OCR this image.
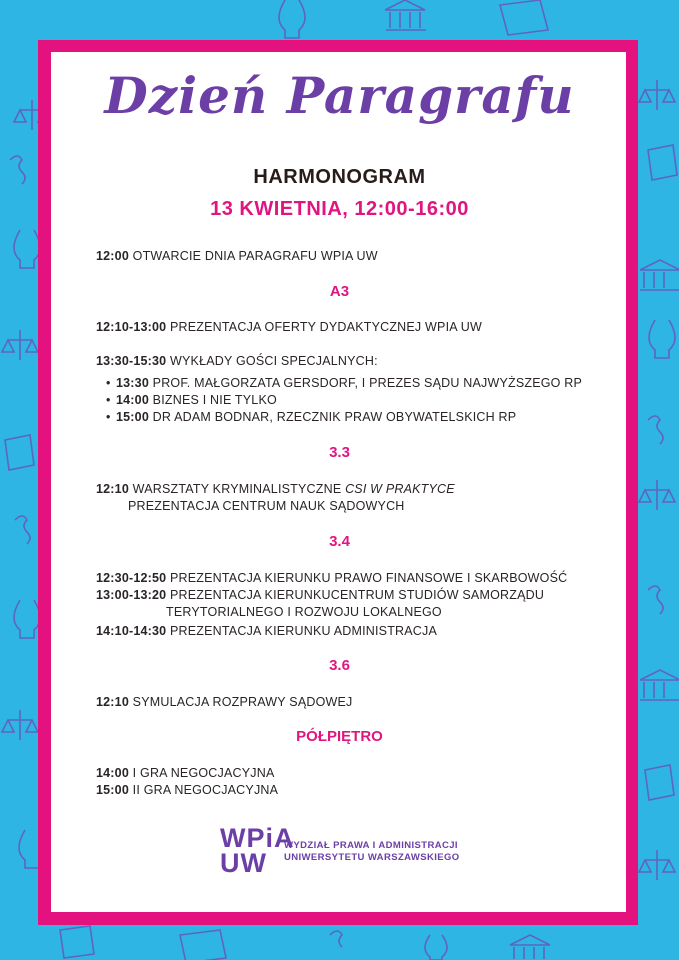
Dzień Paragrafu
HARMONOGRAM
13 KWIETNIA, 12:00-16:00
12:00 OTWARCIE DNIA PARAGRAFU WPIA UW
A3
12:10-13:00 PREZENTACJA OFERTY DYDAKTYCZNEJ WPIA UW
13:30-15:30 WYKŁADY GOŚCI SPECJALNYCH:
• 13:30 PROF. MAŁGORZATA GERSDORF, I PREZES SĄDU NAJWYŻSZEGO RP
• 14:00 BIZNES I NIE TYLKO
• 15:00 DR ADAM BODNAR, RZECZNIK PRAW OBYWATELSKICH RP
3.3
12:10 WARSZTATY KRYMINALISTYCZNE CSI W PRAKTYCE
PREZENTACJA CENTRUM NAUK SĄDOWYCH
3.4
12:30-12:50 PREZENTACJA KIERUNKU PRAWO FINANSOWE I SKARBOWOŚĆ
13:00-13:20 PREZENTACJA KIERUNKUCENTRUM STUDIÓW SAMORZĄDU
TERYTORIALNEGO I ROZWOJU LOKALNEGO
14:10-14:30 PREZENTACJA KIERUNKU ADMINISTRACJA
3.6
12:10 SYMULACJA ROZPRAWY SĄDOWEJ
PÓŁPIĘTRO
14:00 I GRA NEGOCJACYJNA
15:00 II GRA NEGOCJACYJNA
WPiA
UW
WYDZIAŁ PRAWA I ADMINISTRACJI
UNIWERSYTETU WARSZAWSKIEGO
